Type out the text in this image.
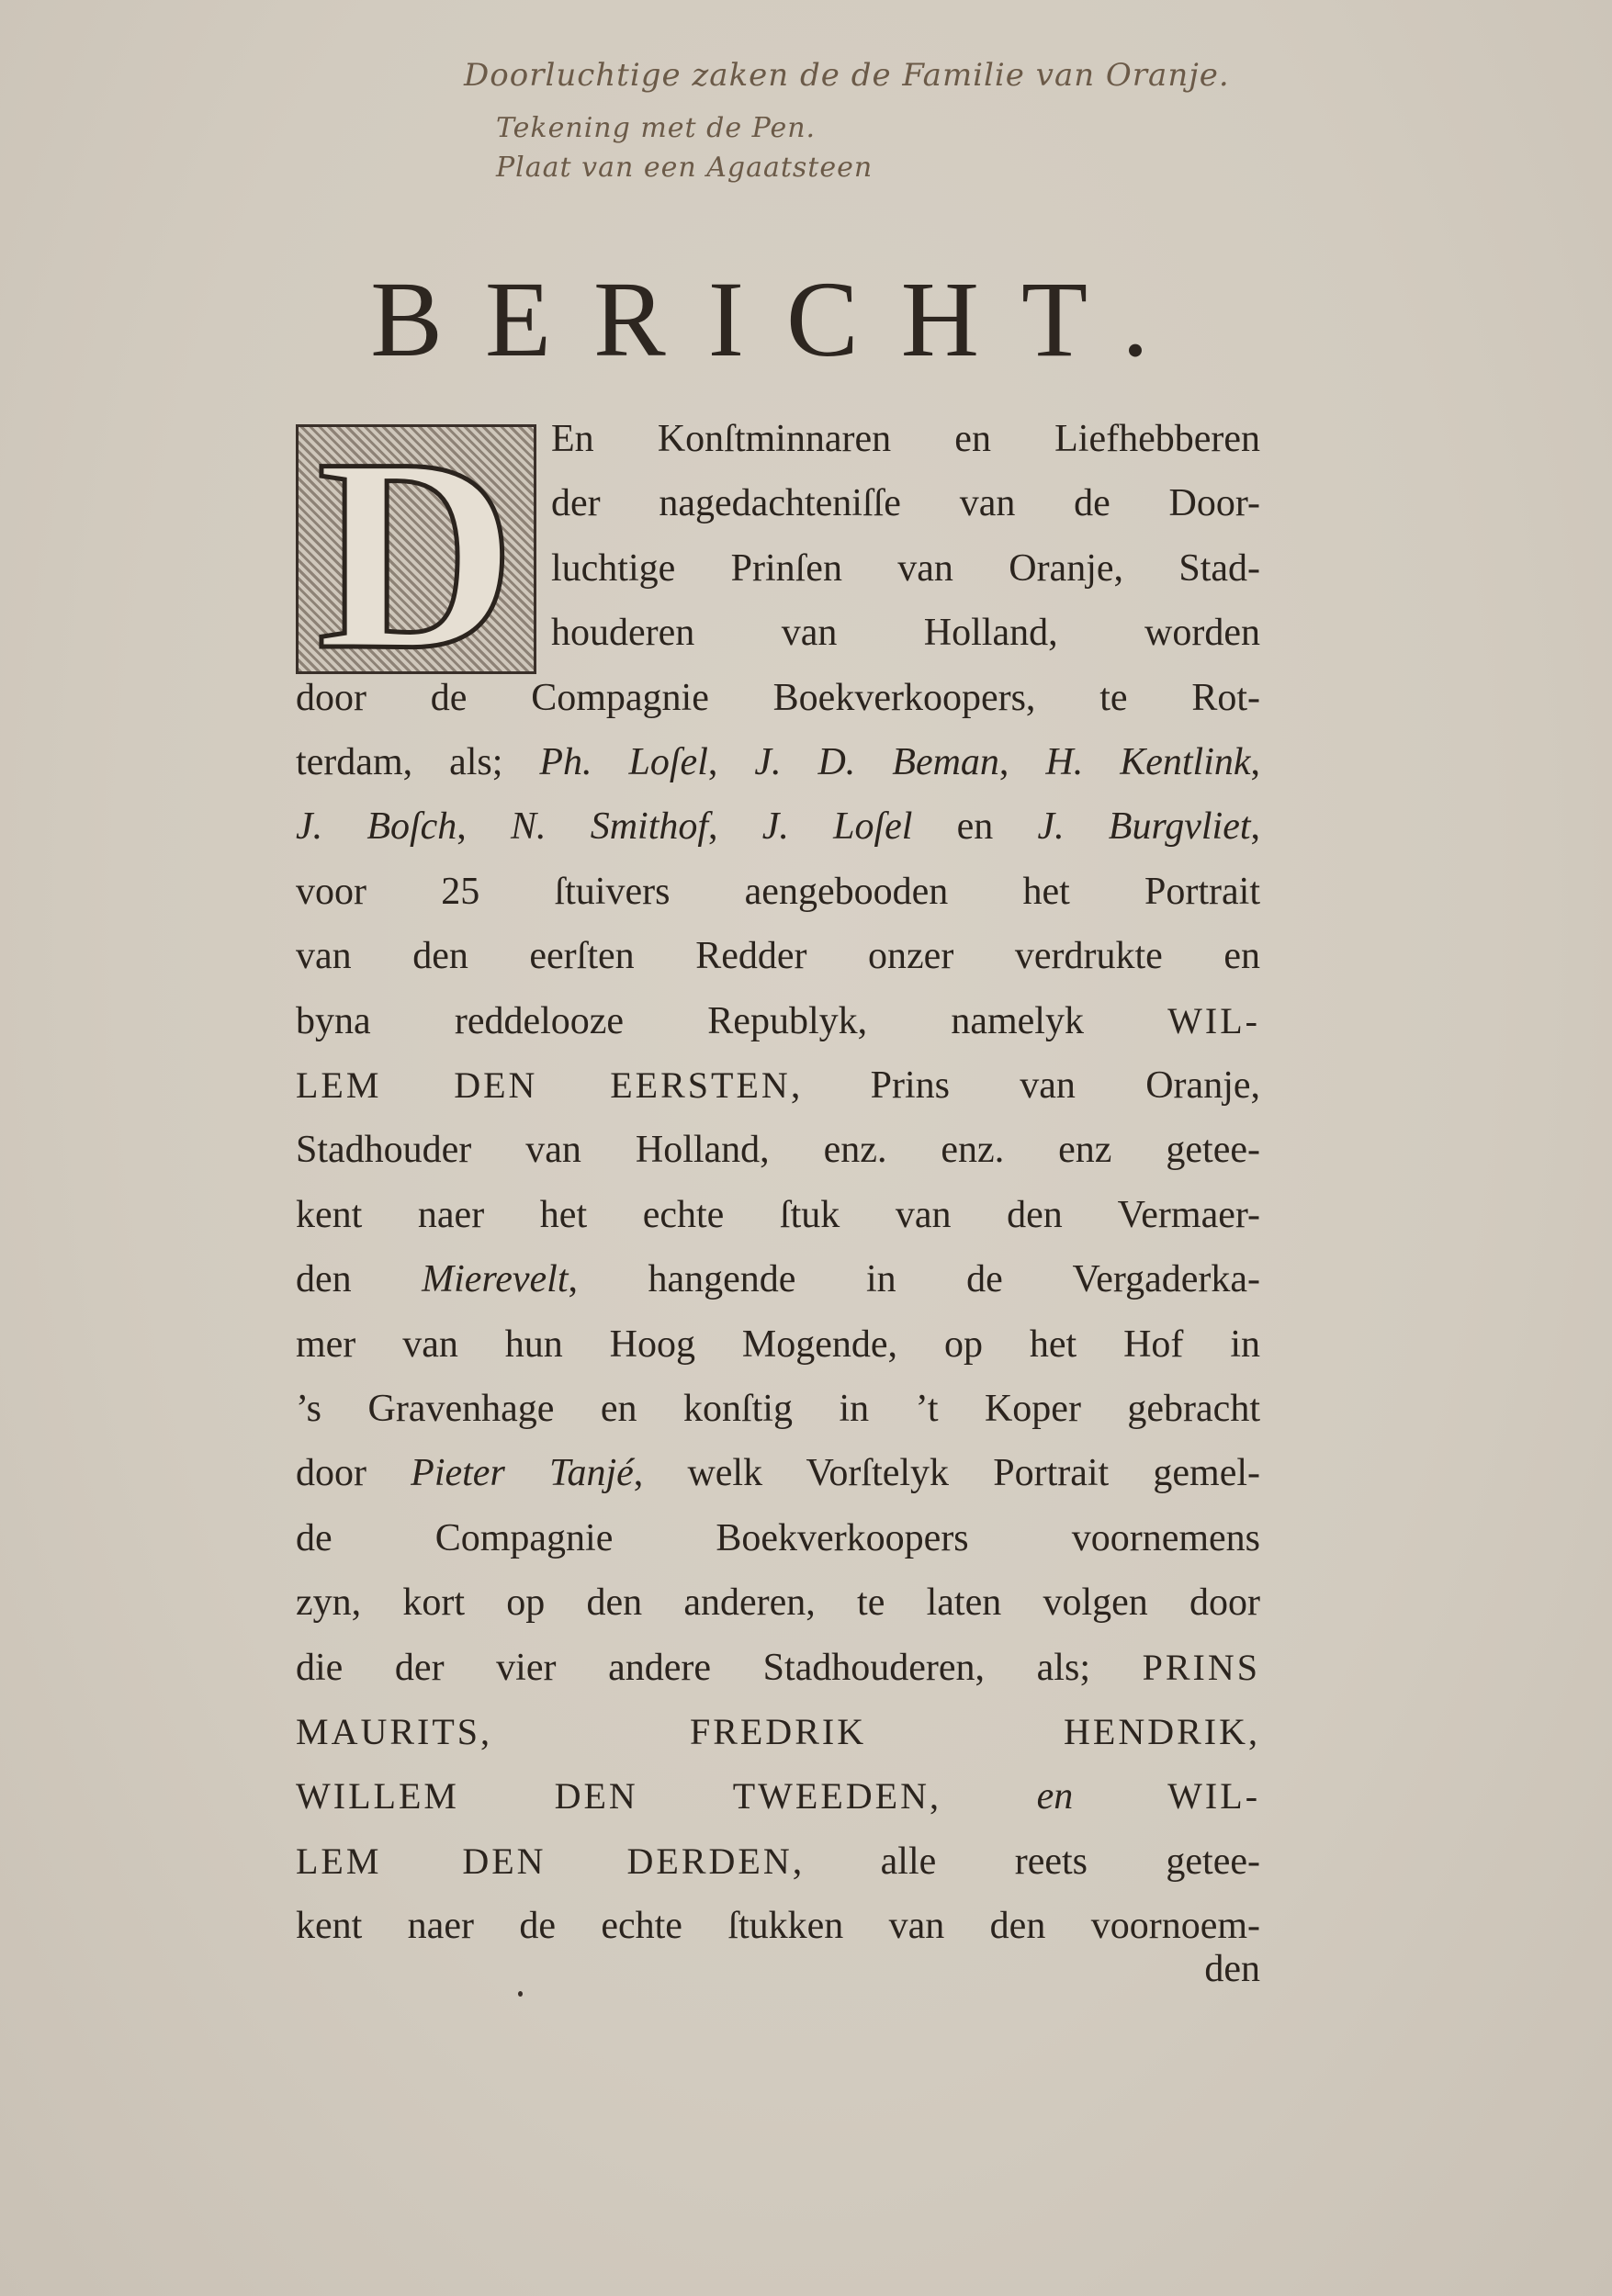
Doorluchtige zaken de de Familie van Oranje.
Tekening met de Pen.
Plaat van een Agaatsteen
BERICHT.
D En Konſtminnaren en Liefhebberen
der nagedachteniſſe van de Door-
luchtige Prinſen van Oranje, Stad-
houderen van Holland, worden
door de Compagnie Boekverkoopers, te Rot-
terdam, als; Ph. Loſel, J. D. Beman, H. Kentlink,
J. Boſch, N. Smithof, J. Loſel en J. Burgvliet,
voor 25 ſtuivers aengebooden het Portrait
van den eerſten Redder onzer verdrukte en
byna reddelooze Republyk, namelyk WIL-
LEM DEN EERSTEN, Prins van Oranje,
Stadhouder van Holland, enz. enz. enz getee-
kent naer het echte ſtuk van den Vermaer-
den Mierevelt, hangende in de Vergaderka-
mer van hun Hoog Mogende, op het Hof in
’s Gravenhage en konſtig in ’t Koper gebracht
door Pieter Tanjé, welk Vorſtelyk Portrait gemel-
de Compagnie Boekverkoopers voornemens
zyn, kort op den anderen, te laten volgen door
die der vier andere Stadhouderen, als; PRINS
MAURITS, FREDRIK HENDRIK,
WILLEM DEN TWEEDEN, en WIL-
LEM DEN DERDEN, alle reets getee-
kent naer de echte ſtukken van den voornoem-
den
